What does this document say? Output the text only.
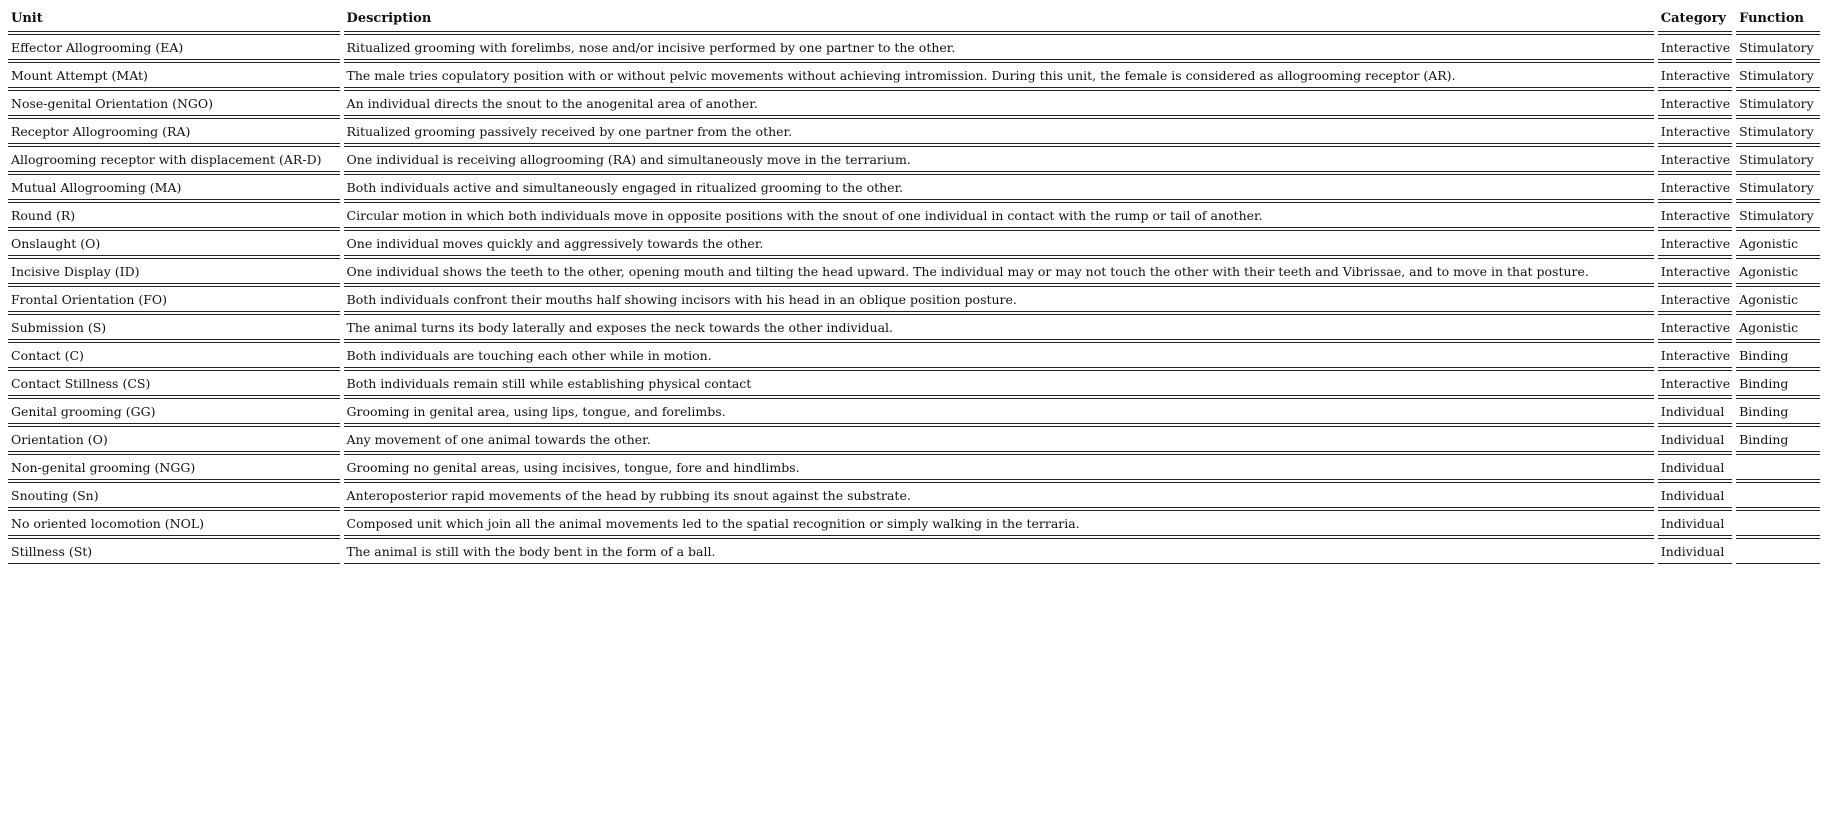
Unit	Description	Category	Function
Effector Allogrooming (EA)	Ritualized grooming with forelimbs, nose and/or incisive performed by one partner to the other.	Interactive	Stimulatory
Mount Attempt (MAt)	The male tries copulatory position with or without pelvic movements without achieving intromission. During this unit, the female is considered as allogrooming receptor (AR).	Interactive	Stimulatory
Nose-genital Orientation (NGO)	An individual directs the snout to the anogenital area of another.	Interactive	Stimulatory
Receptor Allogrooming (RA)	Ritualized grooming passively received by one partner from the other.	Interactive	Stimulatory
Allogrooming receptor with displacement (AR-D)	One individual is receiving allogrooming (RA) and simultaneously move in the terrarium.	Interactive	Stimulatory
Mutual Allogrooming (MA)	Both individuals active and simultaneously engaged in ritualized grooming to the other.	Interactive	Stimulatory
Round (R)	Circular motion in which both individuals move in opposite positions with the snout of one individual in contact with the rump or tail of another.	Interactive	Stimulatory
Onslaught (O)	One individual moves quickly and aggressively towards the other.	Interactive	Agonistic
Incisive Display (ID)	One individual shows the teeth to the other, opening mouth and tilting the head upward. The individual may or may not touch the other with their teeth and Vibrissae, and to move in that posture.	Interactive	Agonistic
Frontal Orientation (FO)	Both individuals confront their mouths half showing incisors with his head in an oblique position posture.	Interactive	Agonistic
Submission (S)	The animal turns its body laterally and exposes the neck towards the other individual.	Interactive	Agonistic
Contact (C)	Both individuals are touching each other while in motion.	Interactive	Binding
Contact Stillness (CS)	Both individuals remain still while establishing physical contact	Interactive	Binding
Genital grooming (GG)	Grooming in genital area, using lips, tongue, and forelimbs.	Individual	Binding
Orientation (O)	Any movement of one animal towards the other.	Individual	Binding
Non-genital grooming (NGG)	Grooming no genital areas, using incisives, tongue, fore and hindlimbs.	Individual	
Snouting (Sn)	Anteroposterior rapid movements of the head by rubbing its snout against the substrate.	Individual	
No oriented locomotion (NOL)	Composed unit which join all the animal movements led to the spatial recognition or simply walking in the terraria.	Individual	
Stillness (St)	The animal is still with the body bent in the form of a ball.	Individual	
